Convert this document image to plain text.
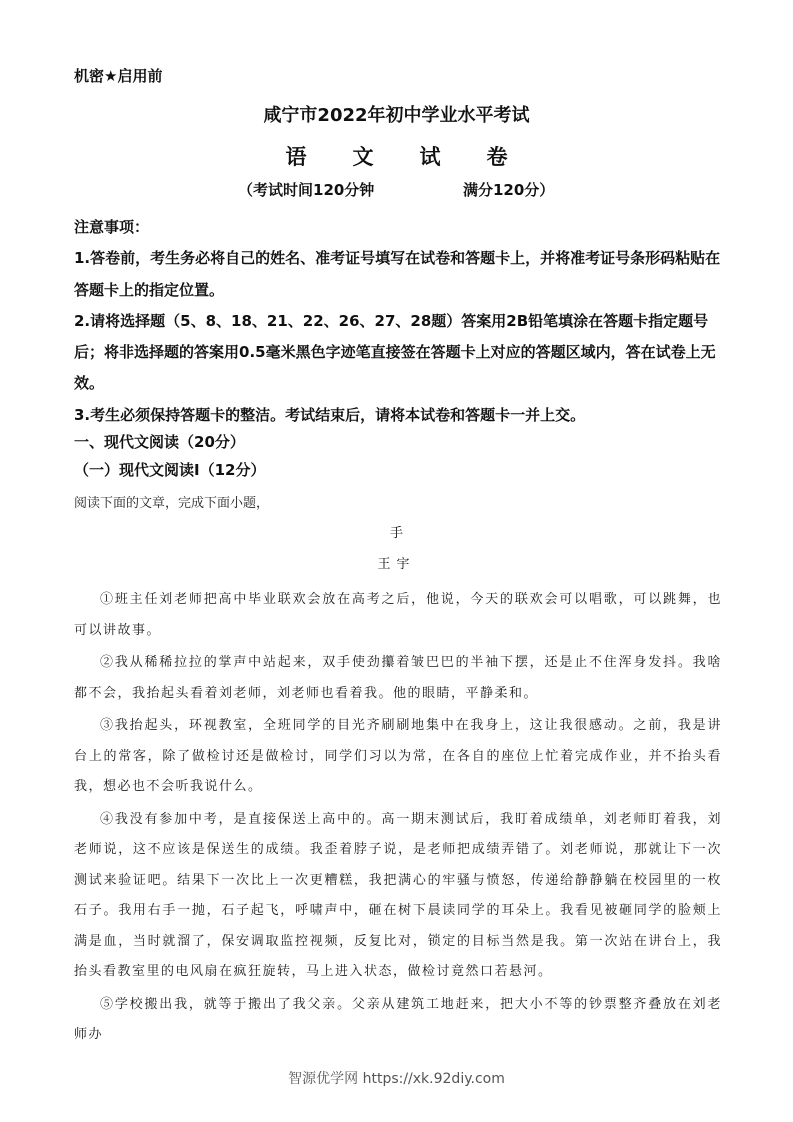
机密★启用前
咸宁市2022年初中学业水平考试
语 文 试 卷
（考试时间120分钟	满分120分）

注意事项：

1.答卷前，考生务必将自己的姓名、准考证号填写在试卷和答题卡上，并将准考证号条形码粘贴在答题卡上的指定位置。

2.请将选择题（5、8、18、21、22、26、27、28题）答案用2B铅笔填涂在答题卡指定题号后；将非选择题的答案用0.5毫米黑色字迹笔直接签在答题卡上对应的答题区域内，答在试卷上无效。

3.考生必须保持答题卡的整洁。考试结束后，请将本试卷和答题卡一并上交。

一、现代文阅读（20分）
（一）现代文阅读Ⅰ（12分）
阅读下面的文章，完成下面小题，
手
王宇

①班主任刘老师把高中毕业联欢会放在高考之后，他说，今天的联欢会可以唱歌，可以跳舞，也可以讲故事。

②我从稀稀拉拉的掌声中站起来，双手使劲攥着皱巴巴的半袖下摆，还是止不住浑身发抖。我啥都不会，我抬起头看着刘老师，刘老师也看着我。他的眼睛，平静柔和。

③我抬起头，环视教室，全班同学的目光齐刷刷地集中在我身上，这让我很感动。之前，我是讲台上的常客，除了做检讨还是做检讨，同学们习以为常，在各自的座位上忙着完成作业，并不抬头看我，想必也不会听我说什么。

④我没有参加中考，是直接保送上高中的。高一期末测试后，我盯着成绩单，刘老师盯着我，刘老师说，这不应该是保送生的成绩。我歪着脖子说，是老师把成绩弄错了。刘老师说，那就让下一次测试来验证吧。结果下一次比上一次更糟糕，我把满心的牢骚与愤怒，传递给静静躺在校园里的一枚石子。我用右手一抛，石子起飞，呼啸声中，砸在树下晨读同学的耳朵上。我看见被砸同学的脸颊上满是血，当时就溜了，保安调取监控视频，反复比对，锁定的目标当然是我。第一次站在讲台上，我抬头看教室里的电风扇在疯狂旋转，马上进入状态，做检讨竟然口若悬河。

⑤学校搬出我，就等于搬出了我父亲。父亲从建筑工地赶来，把大小不等的钞票整齐叠放在刘老师办

智源优学网 https://xk.92diy.com
